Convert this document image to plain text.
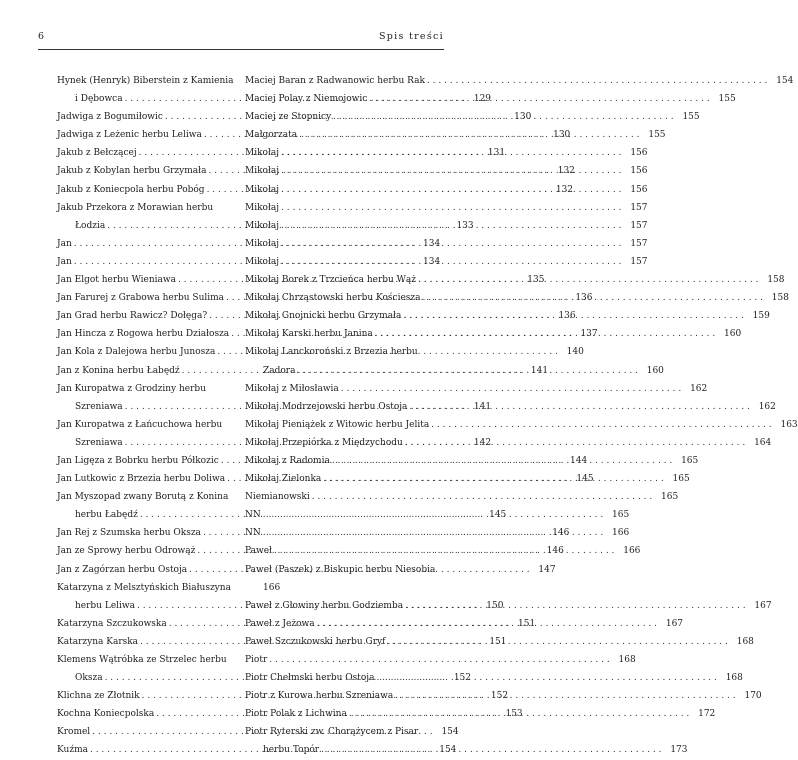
6	Spis treści
Hynek (Henryk) Biberstein z Kamienia
i Dębowca . . .	129
Jadwiga z Bogumiłowic . . .	130
Jadwiga z Leżenic herbu Leliwa . . .	130
Jakub z Bełczącej . . .	131
Jakub z Kobylan herbu Grzymała . . .	132
Jakub z Koniecpola herbu Pobóg . . .	132
Jakub Przekora z Morawian herbu
Łodzia . . .	133
Jan . . .	134
Jan . . .	134
Jan Elgot herbu Wieniawa . . .	135
Jan Farurej z Grabowa herbu Sulima . . .	136
Jan Grad herbu Rawicz? Dołęga? . . .	136
Jan Hincza z Rogowa herbu Działosza . . .	137
Jan Kola z Dalejowa herbu Junosza . . .	140
Jan z Konina herbu Łabędź . . .	141
Jan Kuropatwa z Grodziny herbu
Szreniawa . . .	141
Jan Kuropatwa z Łańcuchowa herbu
Szreniawa . . .	142
Jan Ligęza z Bobrku herbu Półkozic . . .	144
Jan Lutkowic z Brzezia herbu Doliwa . . .	145
Jan Myszopad zwany Borutą z Konina
herbu Łabędź . . .	145
Jan Rej z Szumska herbu Oksza . . .	146
Jan ze Sprowy herbu Odrowąż . . .	146
Jan z Zagórzan herbu Ostoja . . .	147
Katarzyna z Melsztyńskich Białuszyna
herbu Leliwa . . .	150
Katarzyna Szczukowska . . .	151
Katarzyna Karska . . .	151
Klemens Wątróbka ze Strzelec herbu
Oksza . . .	152
Klichna ze Złotnik . . .	152
Kochna Koniecpolska . . .	153
Kromel . . .	154
Kuźma . . .	154
Maciej Baran z Radwanowic herbu Rak . . .	154
Maciej Polay z Niemojowic . . .	155
Maciej ze Stopnicy . . .	155
Małgorzata . . .	155
Mikołaj . . .	156
Mikołaj . . .	156
Mikołaj . . .	156
Mikołaj . . .	157
Mikołaj . . .	157
Mikołaj . . .	157
Mikołaj . . .	157
Mikołaj Borek z Trzcieńca herbu Wąż . . .	158
Mikołaj Chrząstowski herbu Kościesza . . .	158
Mikołaj Gnojnicki herbu Grzymała . . .	159
Mikołaj Karski herbu Janina . . .	160
Mikołaj Lanckoroński z Brzezia herbu
Zadora . . .	160
Mikołaj z Miłosławia . . .	162
Mikołaj Modrzejowski herbu Ostoja . . .	162
Mikołaj Pieniążek z Witowic herbu Jelita . . .	163
Mikołaj Przepiórka z Międzychodu . . .	164
Mikołaj z Radomia . . .	165
Mikołaj Zielonka . . .	165
Niemianowski . . .	165
NN . . .	165
NN . . .	166
Paweł . . .	166
Paweł (Paszek) z Biskupic herbu Niesobia
166
Paweł z Głowiny herbu Godziemba . . .	167
Paweł z Jeżowa . . .	167
Paweł Szczukowski herbu Gryf . . .	168
Piotr . . .	168
Piotr Chełmski herbu Ostoja . . .	168
Piotr z Kurowa herbu Szreniawa . . .	170
Piotr Polak z Lichwina . . .	172
Piotr Ryterski zw. Chorążycem z Pisar
herbu Topór . . .	173
